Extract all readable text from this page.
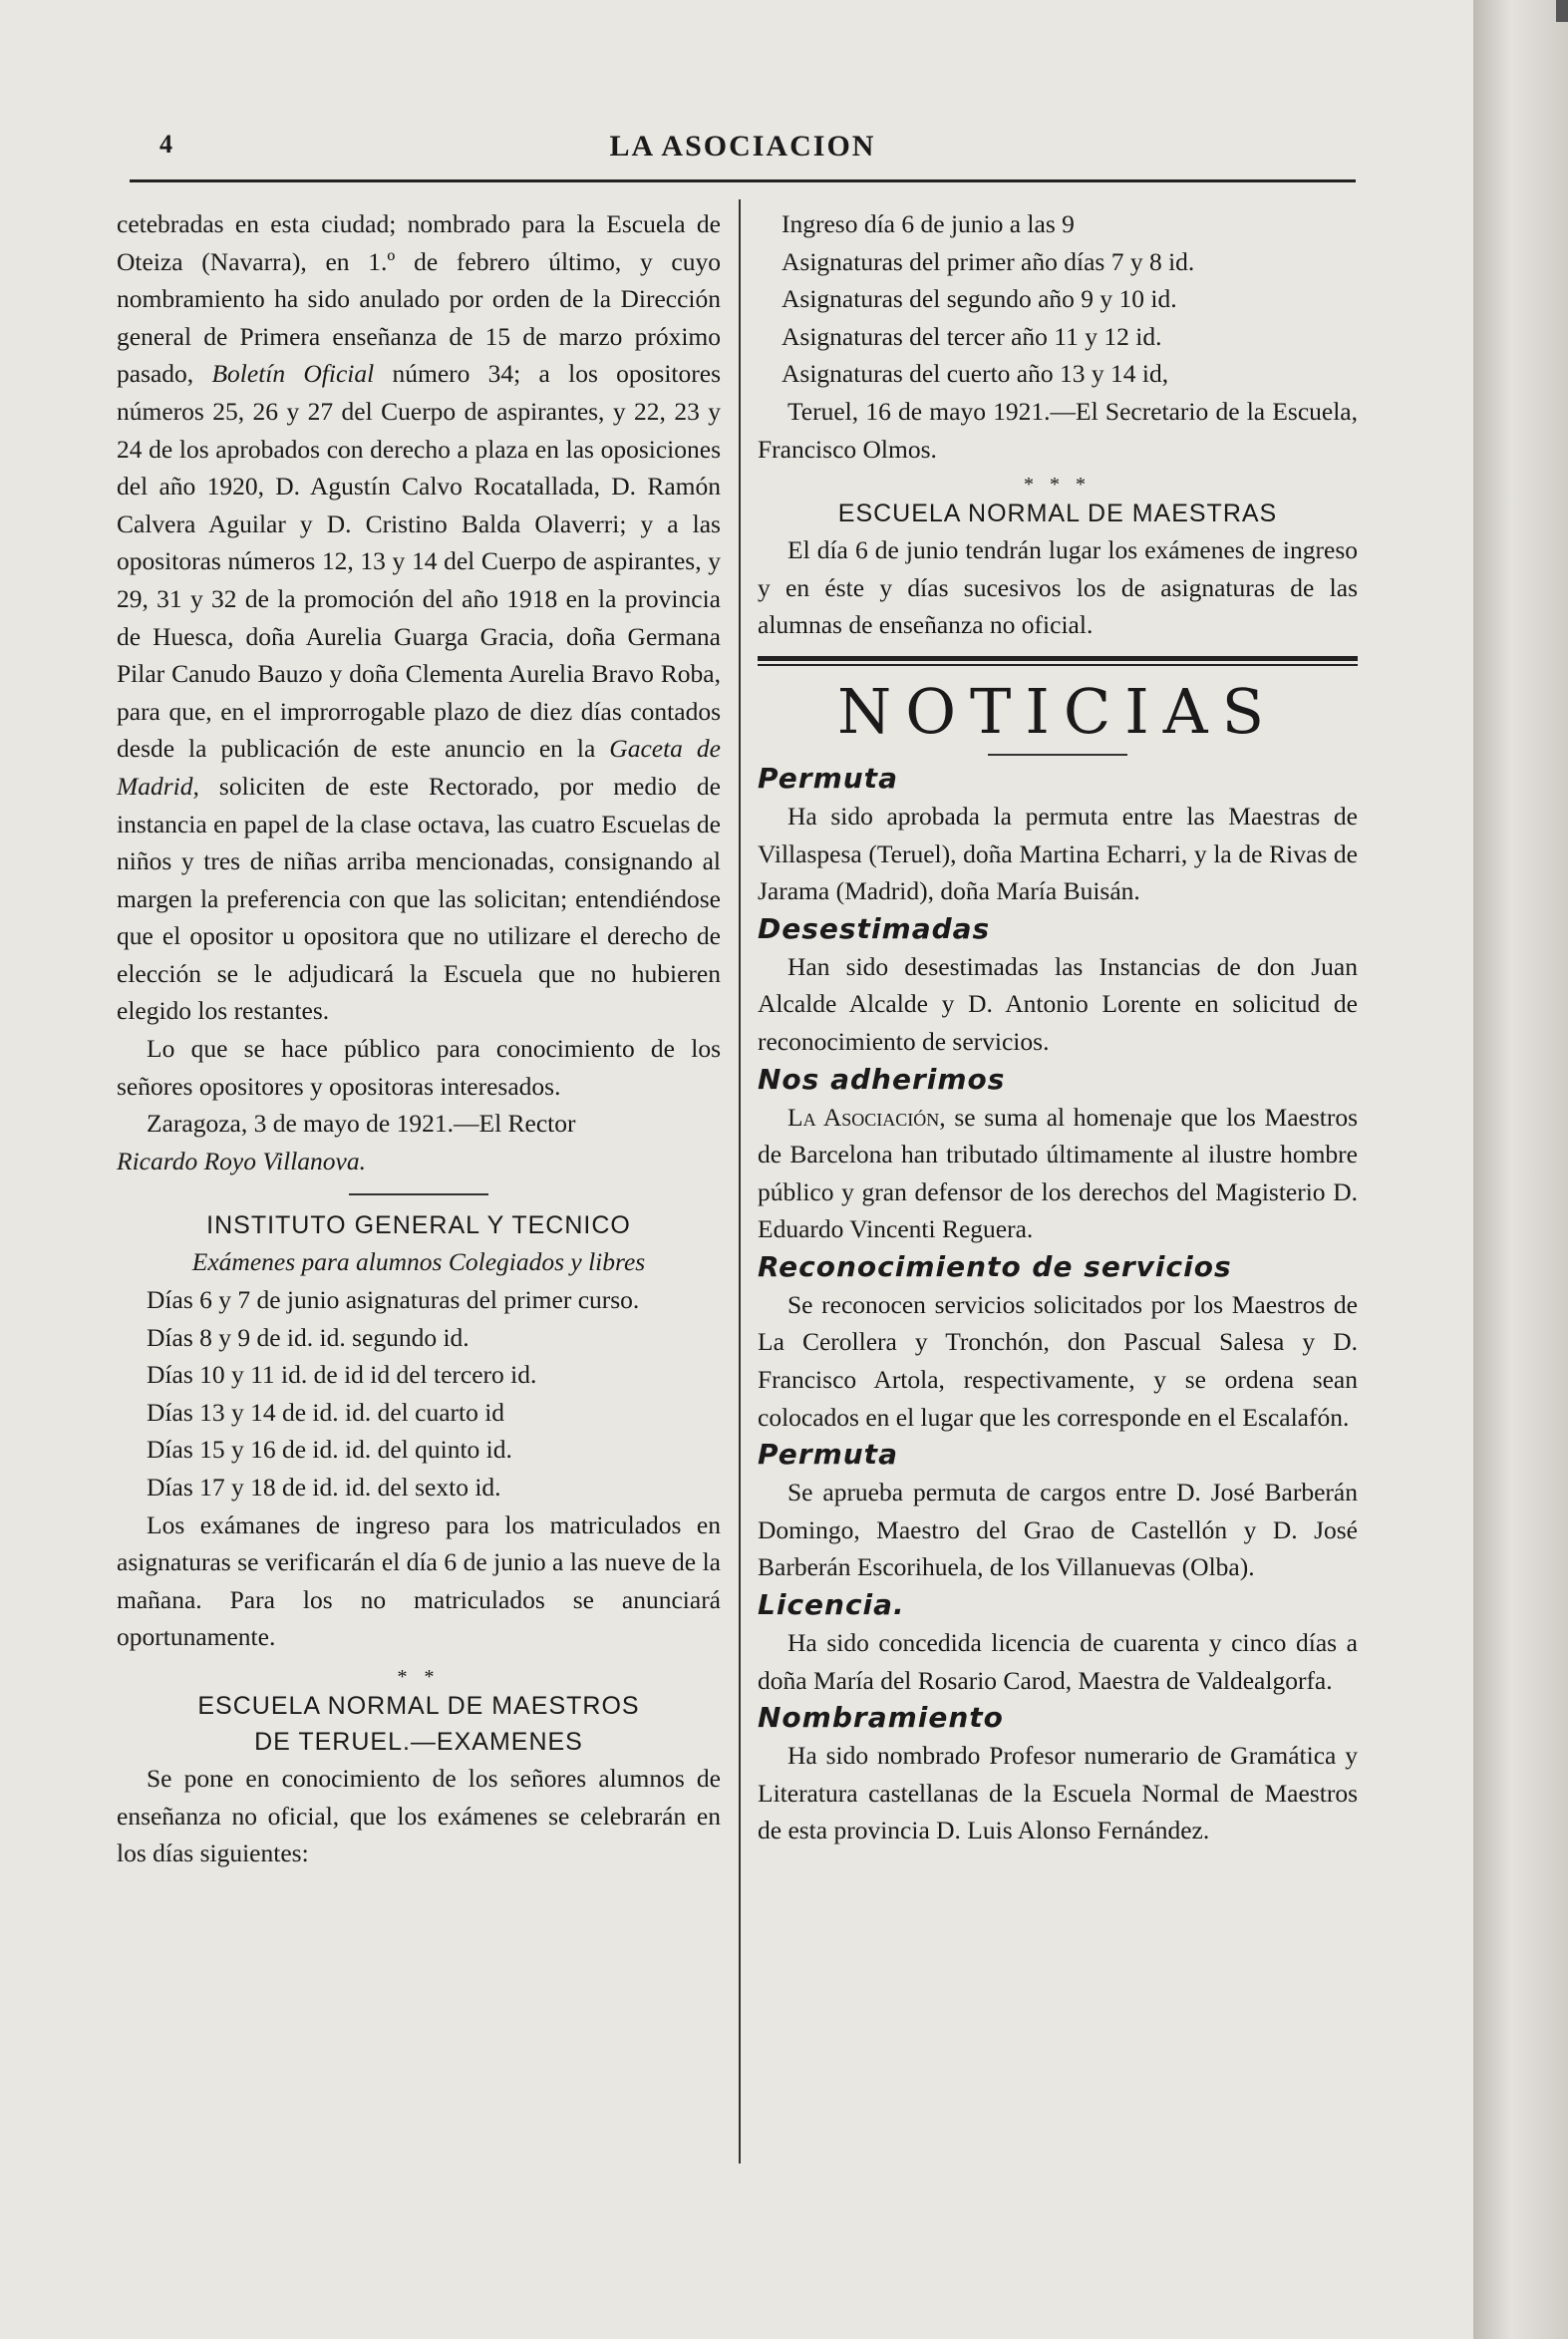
4	LA ASOCIACION

cetebradas en esta ciudad; nombrado para la Escuela de Oteiza (Navarra), en 1.º de febrero último, y cuyo nombramiento ha sido anulado por orden de la Dirección general de Primera enseñanza de 15 de marzo próximo pasado, Boletín Oficial número 34; a los opositores números 25, 26 y 27 del Cuerpo de aspirantes, y 22, 23 y 24 de los aprobados con derecho a plaza en las oposiciones del año 1920, D. Agustín Calvo Rocatallada, D. Ramón Calvera Aguilar y D. Cristino Balda Olaverri; y a las opositoras números 12, 13 y 14 del Cuerpo de aspirantes, y 29, 31 y 32 de la promoción del año 1918 en la provincia de Huesca, doña Aurelia Guarga Gracia, doña Germana Pilar Canudo Bauzo y doña Clementa Aurelia Bravo Roba, para que, en el improrrogable plazo de diez días contados desde la publicación de este anuncio en la Gaceta de Madrid, soliciten de este Rectorado, por medio de instancia en papel de la clase octava, las cuatro Escuelas de niños y tres de niñas arriba mencionadas, consignando al margen la preferencia con que las solicitan; entendiéndose que el opositor u opositora que no utilizare el derecho de elección se le adjudicará la Escuela que no hubieren elegido los restantes.

Lo que se hace público para conocimiento de los señores opositores y opositoras interesados.

Zaragoza, 3 de mayo de 1921.—El Rector

Ricardo Royo Villanova.

INSTITUTO GENERAL Y TECNICO

Exámenes para alumnos Colegiados y libres

Días 6 y 7 de junio asignaturas del primer curso.

Días 8 y 9 de id. id. segundo id.

Días 10 y 11 id. de id id del tercero id.

Días 13 y 14 de id. id. del cuarto id

Días 15 y 16 de id. id. del quinto id.

Días 17 y 18 de id. id. del sexto id.

Los exámanes de ingreso para los matriculados en asignaturas se verificarán el día 6 de junio a las nueve de la mañana. Para los no matriculados se anunciará oportunamente.

* *

ESCUELA NORMAL DE MAESTROS

DE TERUEL.—EXAMENES

Se pone en conocimiento de los señores alumnos de enseñanza no oficial, que los exámenes se celebrarán en los días siguientes:

Ingreso día 6 de junio a las 9

Asignaturas del primer año días 7 y 8 id.

Asignaturas del segundo año 9 y 10 id.

Asignaturas del tercer año 11 y 12 id.

Asignaturas del cuerto año 13 y 14 id,

Teruel, 16 de mayo 1921.—El Secretario de la Escuela, Francisco Olmos.

* * *

ESCUELA NORMAL DE MAESTRAS

El día 6 de junio tendrán lugar los exámenes de ingreso y en éste y días sucesivos los de asignaturas de las alumnas de enseñanza no oficial.

NOTICIAS

Permuta

Ha sido aprobada la permuta entre las Maestras de Villaspesa (Teruel), doña Martina Echarri, y la de Rivas de Jarama (Madrid), doña María Buisán.

Desestimadas

Han sido desestimadas las Instancias de don Juan Alcalde Alcalde y D. Antonio Lorente en solicitud de reconocimiento de servicios.

Nos adherimos

La Asociación, se suma al homenaje que los Maestros de Barcelona han tributado últimamente al ilustre hombre público y gran defensor de los derechos del Magisterio D. Eduardo Vincenti Reguera.

Reconocimiento de servicios

Se reconocen servicios solicitados por los Maestros de La Cerollera y Tronchón, don Pascual Salesa y D. Francisco Artola, respectivamente, y se ordena sean colocados en el lugar que les corresponde en el Escalafón.

Permuta

Se aprueba permuta de cargos entre D. José Barberán Domingo, Maestro del Grao de Castellón y D. José Barberán Escorihuela, de los Villanuevas (Olba).

Licencia.

Ha sido concedida licencia de cuarenta y cinco días a doña María del Rosario Carod, Maestra de Valdealgorfa.

Nombramiento

Ha sido nombrado Profesor numerario de Gramática y Literatura castellanas de la Escuela Normal de Maestros de esta provincia D. Luis Alonso Fernández.
